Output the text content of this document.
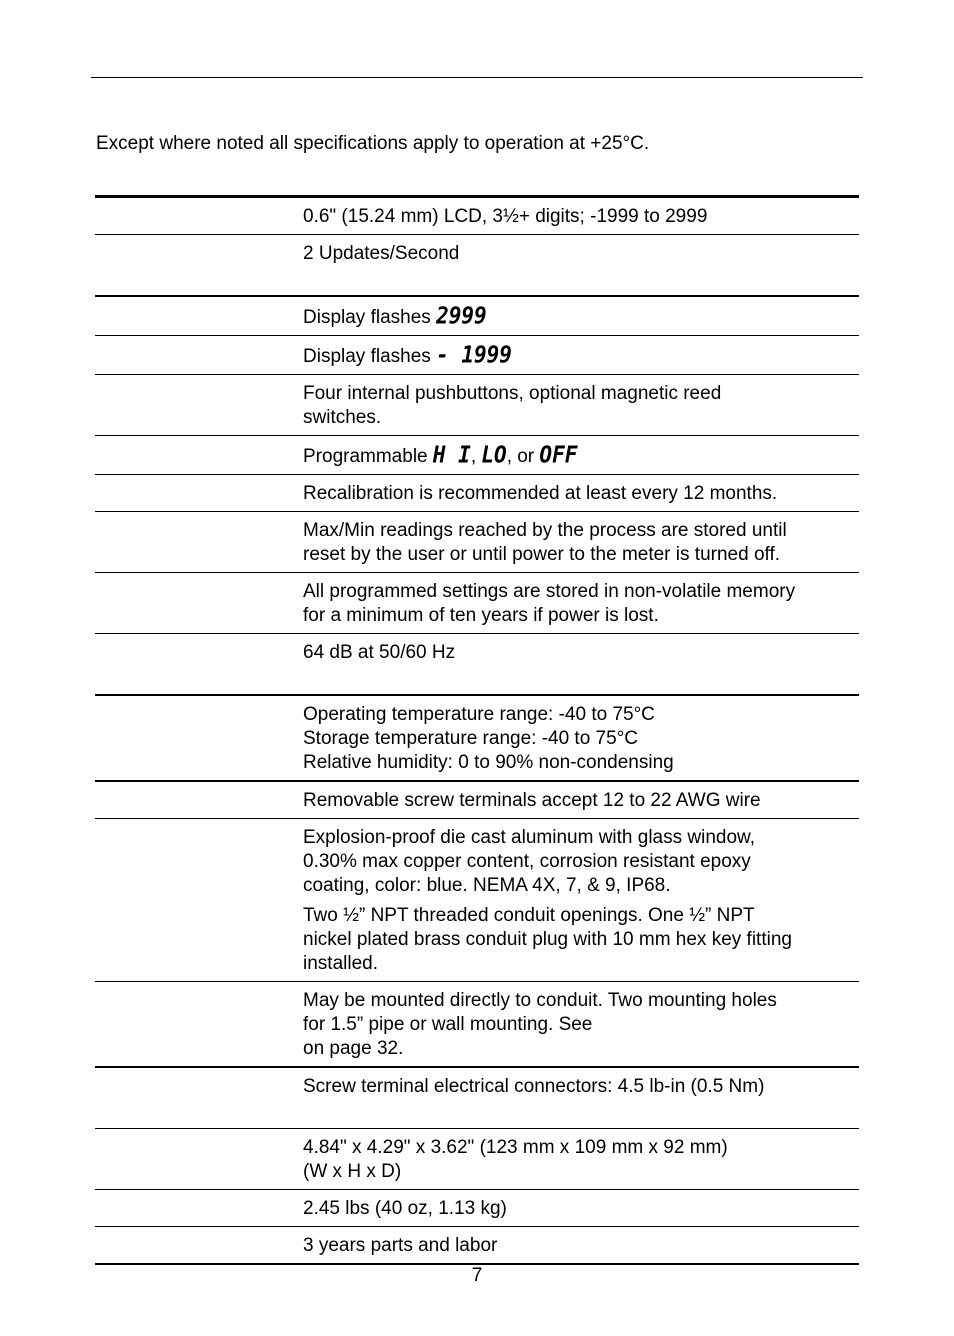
Except where noted all specifications apply to operation at +25°C.
0.6" (15.24 mm) LCD, 3½+ digits; -1999 to 2999
2 Updates/Second
Display flashes 2999
Display flashes - 1999
Four internal pushbuttons, optional magnetic reed
switches.
Programmable H I, LO, or OFF
Recalibration is recommended at least every 12 months.
Max/Min readings reached by the process are stored until
reset by the user or until power to the meter is turned off.
All programmed settings are stored in non-volatile memory
for a minimum of ten years if power is lost.
64 dB at 50/60 Hz
Operating temperature range: -40 to 75°C
Storage temperature range: -40 to 75°C
Relative humidity: 0 to 90% non-condensing
Removable screw terminals accept 12 to 22 AWG wire
Explosion-proof die cast aluminum with glass window,
0.30% max copper content, corrosion resistant epoxy
coating, color: blue. NEMA 4X, 7, & 9, IP68.
Two ½” NPT threaded conduit openings. One ½” NPT
nickel plated brass conduit plug with 10 mm hex key fitting
installed.
May be mounted directly to conduit. Two mounting holes
for 1.5” pipe or wall mounting. See
on page 32.
Screw terminal electrical connectors: 4.5 lb-in (0.5 Nm)
4.84" x 4.29" x 3.62" (123 mm x 109 mm x 92 mm)
(W x H x D)
2.45 lbs (40 oz, 1.13 kg)
3 years parts and labor
7
